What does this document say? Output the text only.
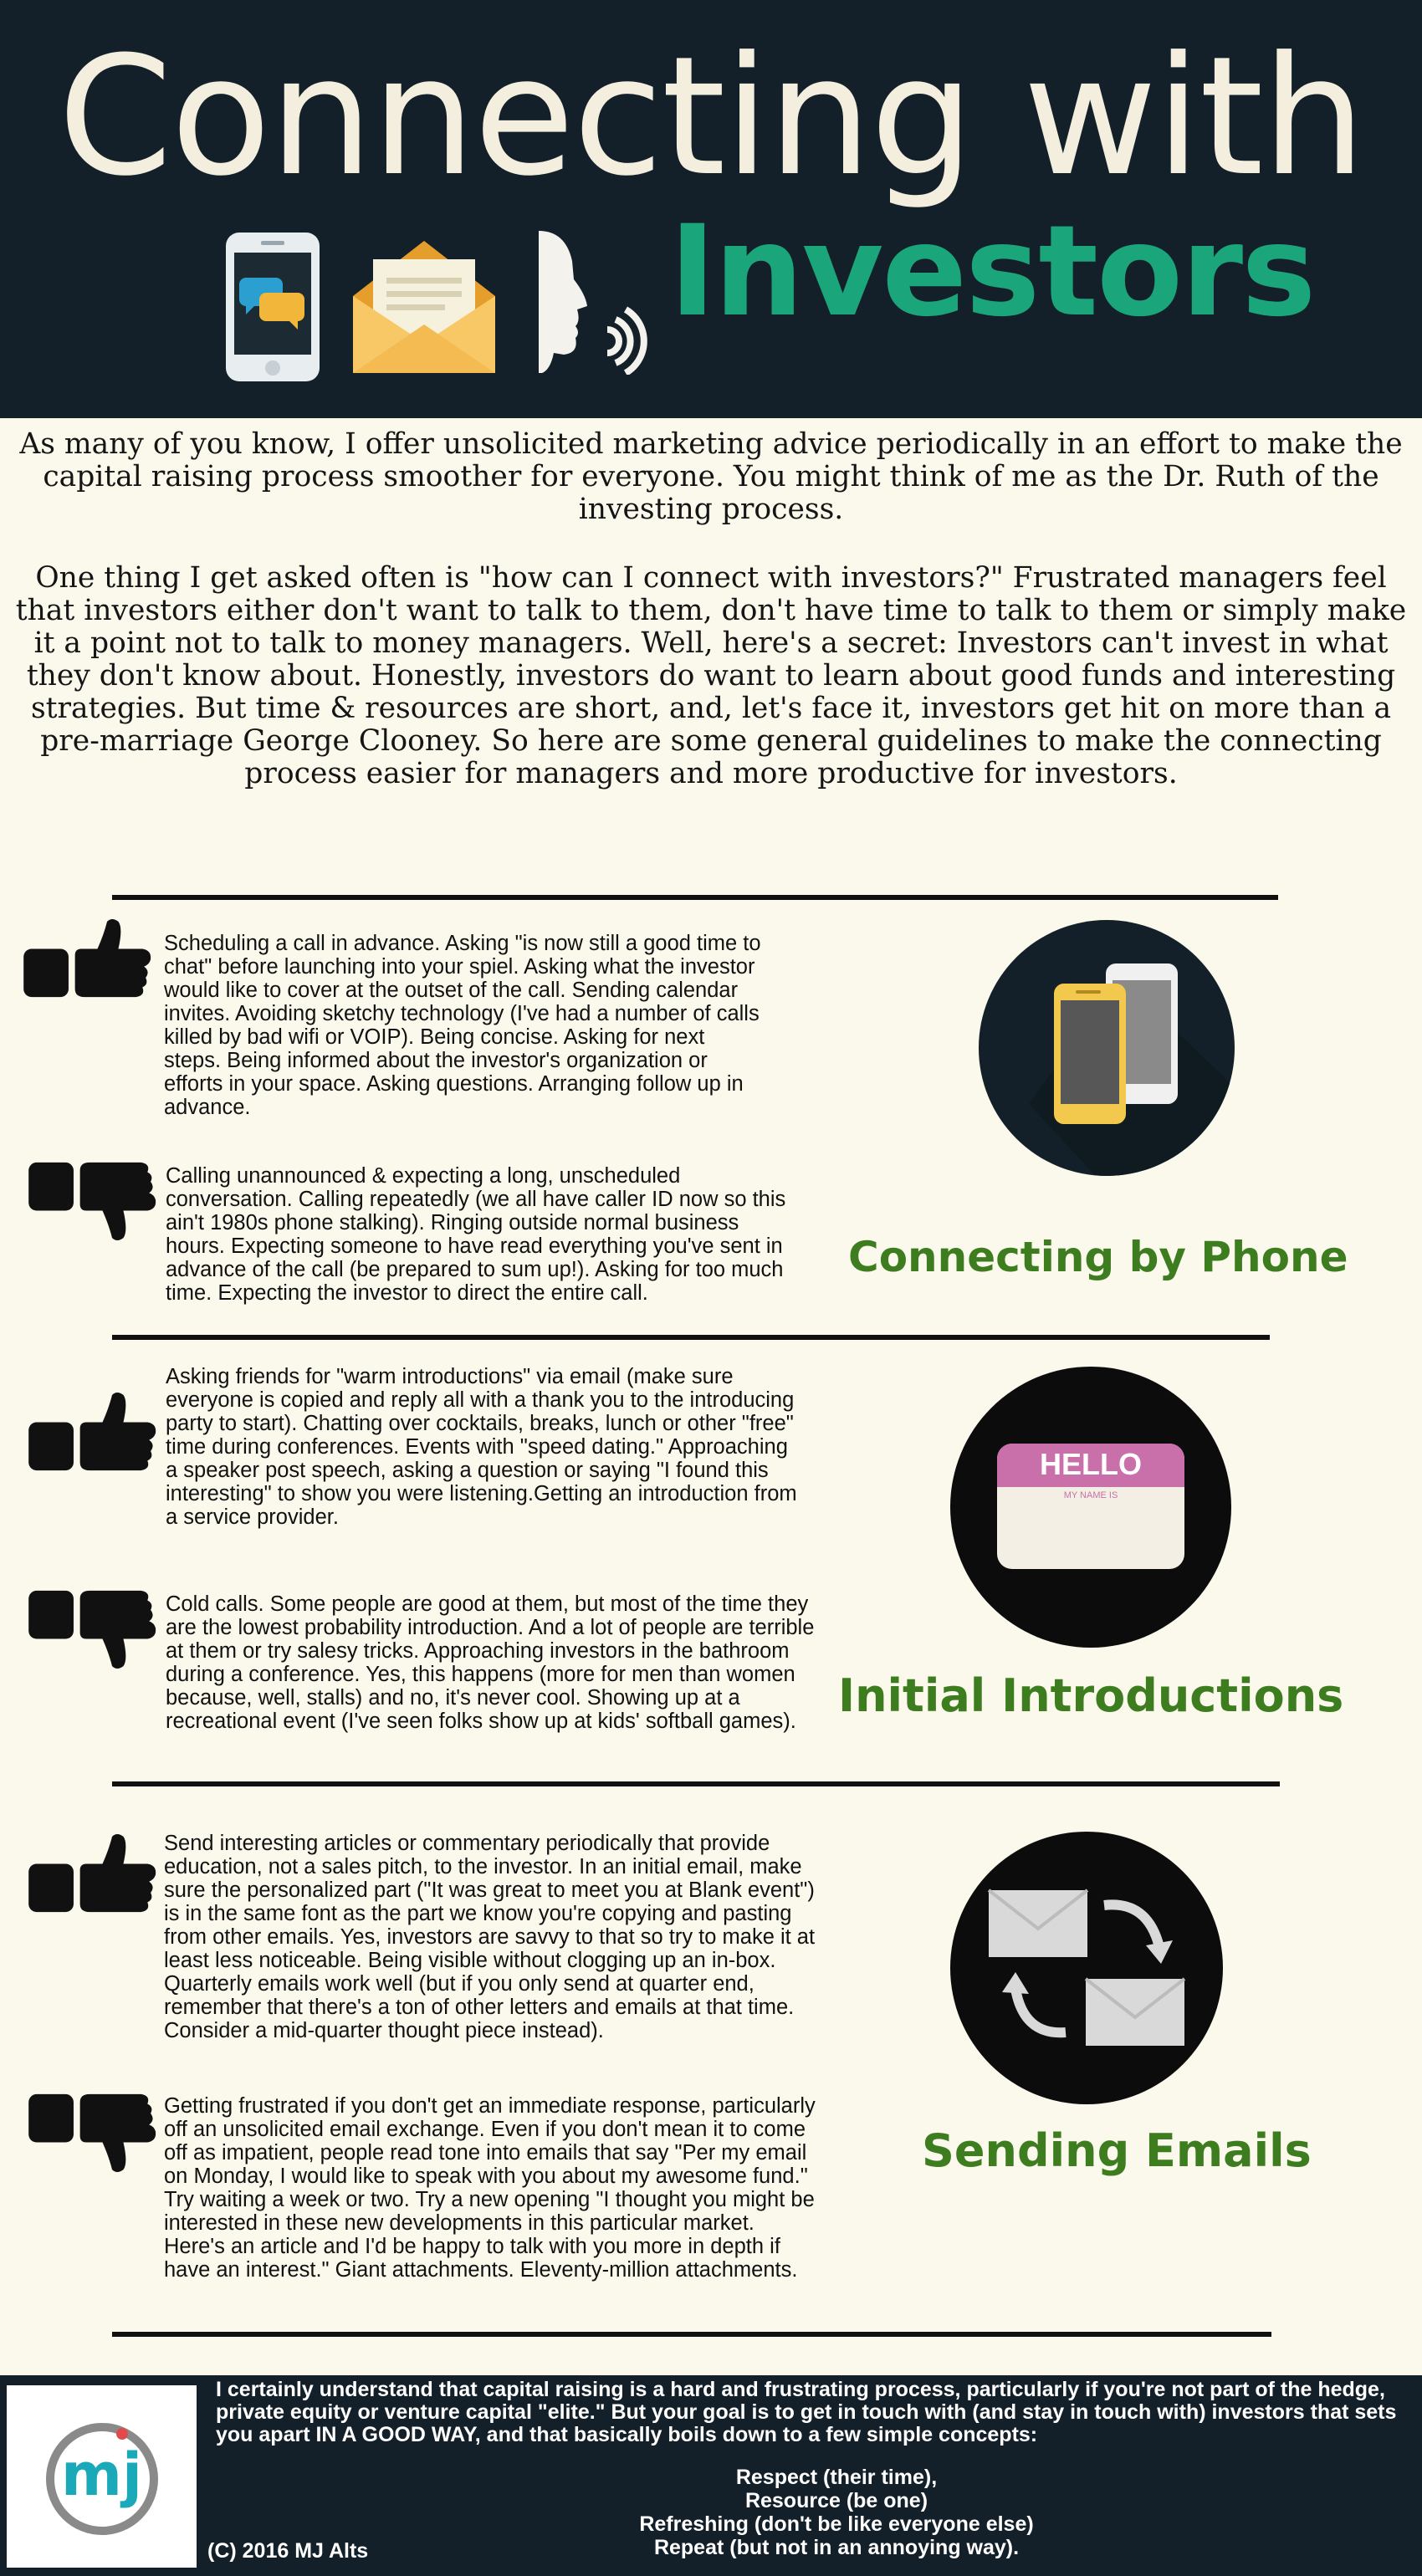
Connecting with
Investors
As many of you know, I offer unsolicited marketing advice periodically in an effort to make the capital raising process smoother for everyone. You might think of me as the Dr. Ruth of the investing process.
One thing I get asked often is "how can I connect with investors?" Frustrated managers feel that investors either don't want to talk to them, don't have time to talk to them or simply make it a point not to talk to money managers. Well, here's a secret: Investors can't invest in what they don't know about. Honestly, investors do want to learn about good funds and interesting strategies. But time & resources are short, and, let's face it, investors get hit on more than a pre-marriage George Clooney. So here are some general guidelines to make the connecting process easier for managers and more productive for investors.
Scheduling a call in advance. Asking "is now still a good time to chat" before launching into your spiel. Asking what the investor would like to cover at the outset of the call. Sending calendar invites. Avoiding sketchy technology (I've had a number of calls killed by bad wifi or VOIP). Being concise. Asking for next steps. Being informed about the investor's organization or efforts in your space. Asking questions. Arranging follow up in advance.
Calling unannounced & expecting a long, unscheduled conversation. Calling repeatedly (we all have caller ID now so this ain't 1980s phone stalking). Ringing outside normal business hours. Expecting someone to have read everything you've sent in advance of the call (be prepared to sum up!). Asking for too much time. Expecting the investor to direct the entire call.
Connecting by Phone
Asking friends for "warm introductions" via email (make sure everyone is copied and reply all with a thank you to the introducing party to start). Chatting over cocktails, breaks, lunch or other "free" time during conferences. Events with "speed dating." Approaching a speaker post speech, asking a question or saying "I found this interesting" to show you were listening.Getting an introduction from a service provider.
Cold calls. Some people are good at them, but most of the time they are the lowest probability introduction. And a lot of people are terrible at them or try salesy tricks. Approaching investors in the bathroom during a conference. Yes, this happens (more for men than women because, well, stalls) and no, it's never cool. Showing up at a recreational event (I've seen folks show up at kids' softball games).
HELLO
MY NAME IS
Initial Introductions
Send interesting articles or commentary periodically that provide education, not a sales pitch, to the investor. In an initial email, make sure the personalized part ("It was great to meet you at Blank event") is in the same font as the part we know you're copying and pasting from other emails. Yes, investors are savvy to that so try to make it at least less noticeable. Being visible without clogging up an in-box. Quarterly emails work well (but if you only send at quarter end, remember that there's a ton of other letters and emails at that time. Consider a mid-quarter thought piece instead).
Getting frustrated if you don't get an immediate response, particularly off an unsolicited email exchange. Even if you don't mean it to come off as impatient, people read tone into emails that say "Per my email on Monday, I would like to speak with you about my awesome fund." Try waiting a week or two. Try a new opening "I thought you might be interested in these new developments in this particular market. Here's an article and I'd be happy to talk with you more in depth if have an interest." Giant attachments. Eleventy-million attachments.
Sending Emails
mj
I certainly understand that capital raising is a hard and frustrating process, particularly if you're not part of the hedge, private equity or venture capital "elite." But your goal is to get in touch with (and stay in touch with) investors that sets you apart IN A GOOD WAY, and that basically boils down to a few simple concepts:
Respect (their time),
Resource (be one)
Refreshing (don't be like everyone else)
Repeat (but not in an annoying way).
(C) 2016 MJ Alts
